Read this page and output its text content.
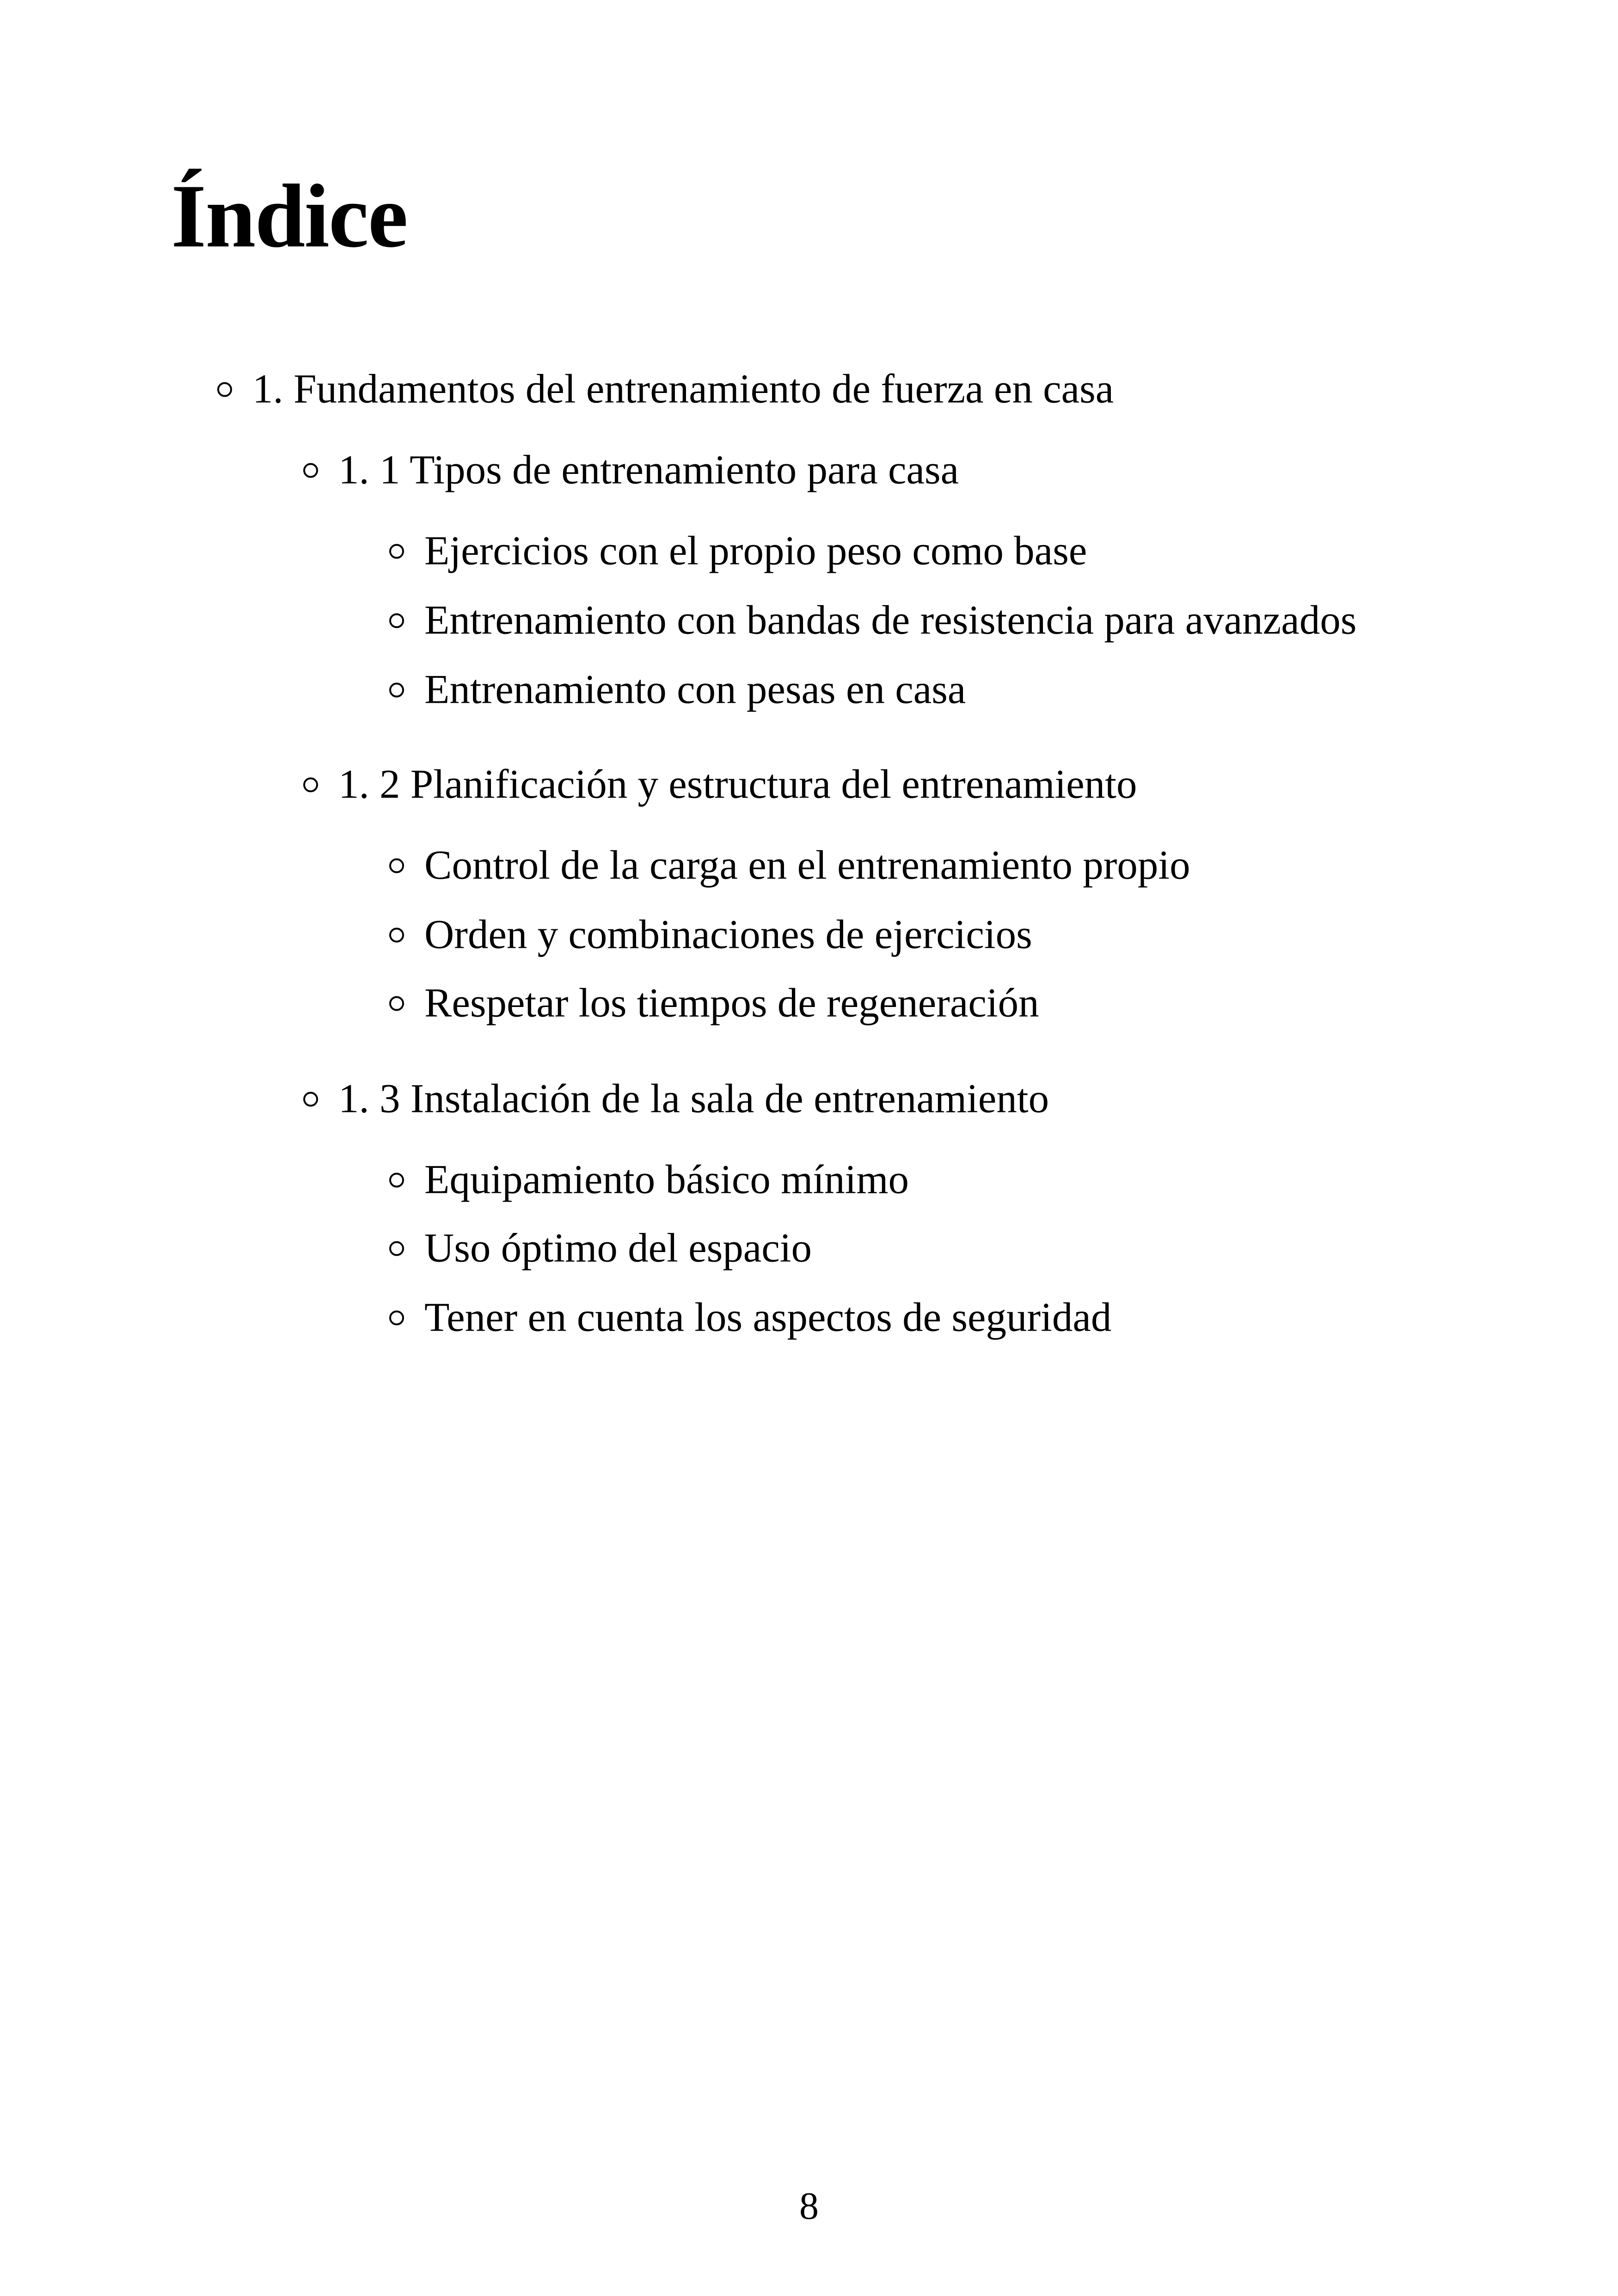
Índice
1. Fundamentos del entrenamiento de fuerza en casa
1. 1 Tipos de entrenamiento para casa
Ejercicios con el propio peso como base
Entrenamiento con bandas de resistencia para avanzados
Entrenamiento con pesas en casa
1. 2 Planificación y estructura del entrenamiento
Control de la carga en el entrenamiento propio
Orden y combinaciones de ejercicios
Respetar los tiempos de regeneración
1. 3 Instalación de la sala de entrenamiento
Equipamiento básico mínimo
Uso óptimo del espacio
Tener en cuenta los aspectos de seguridad
8
